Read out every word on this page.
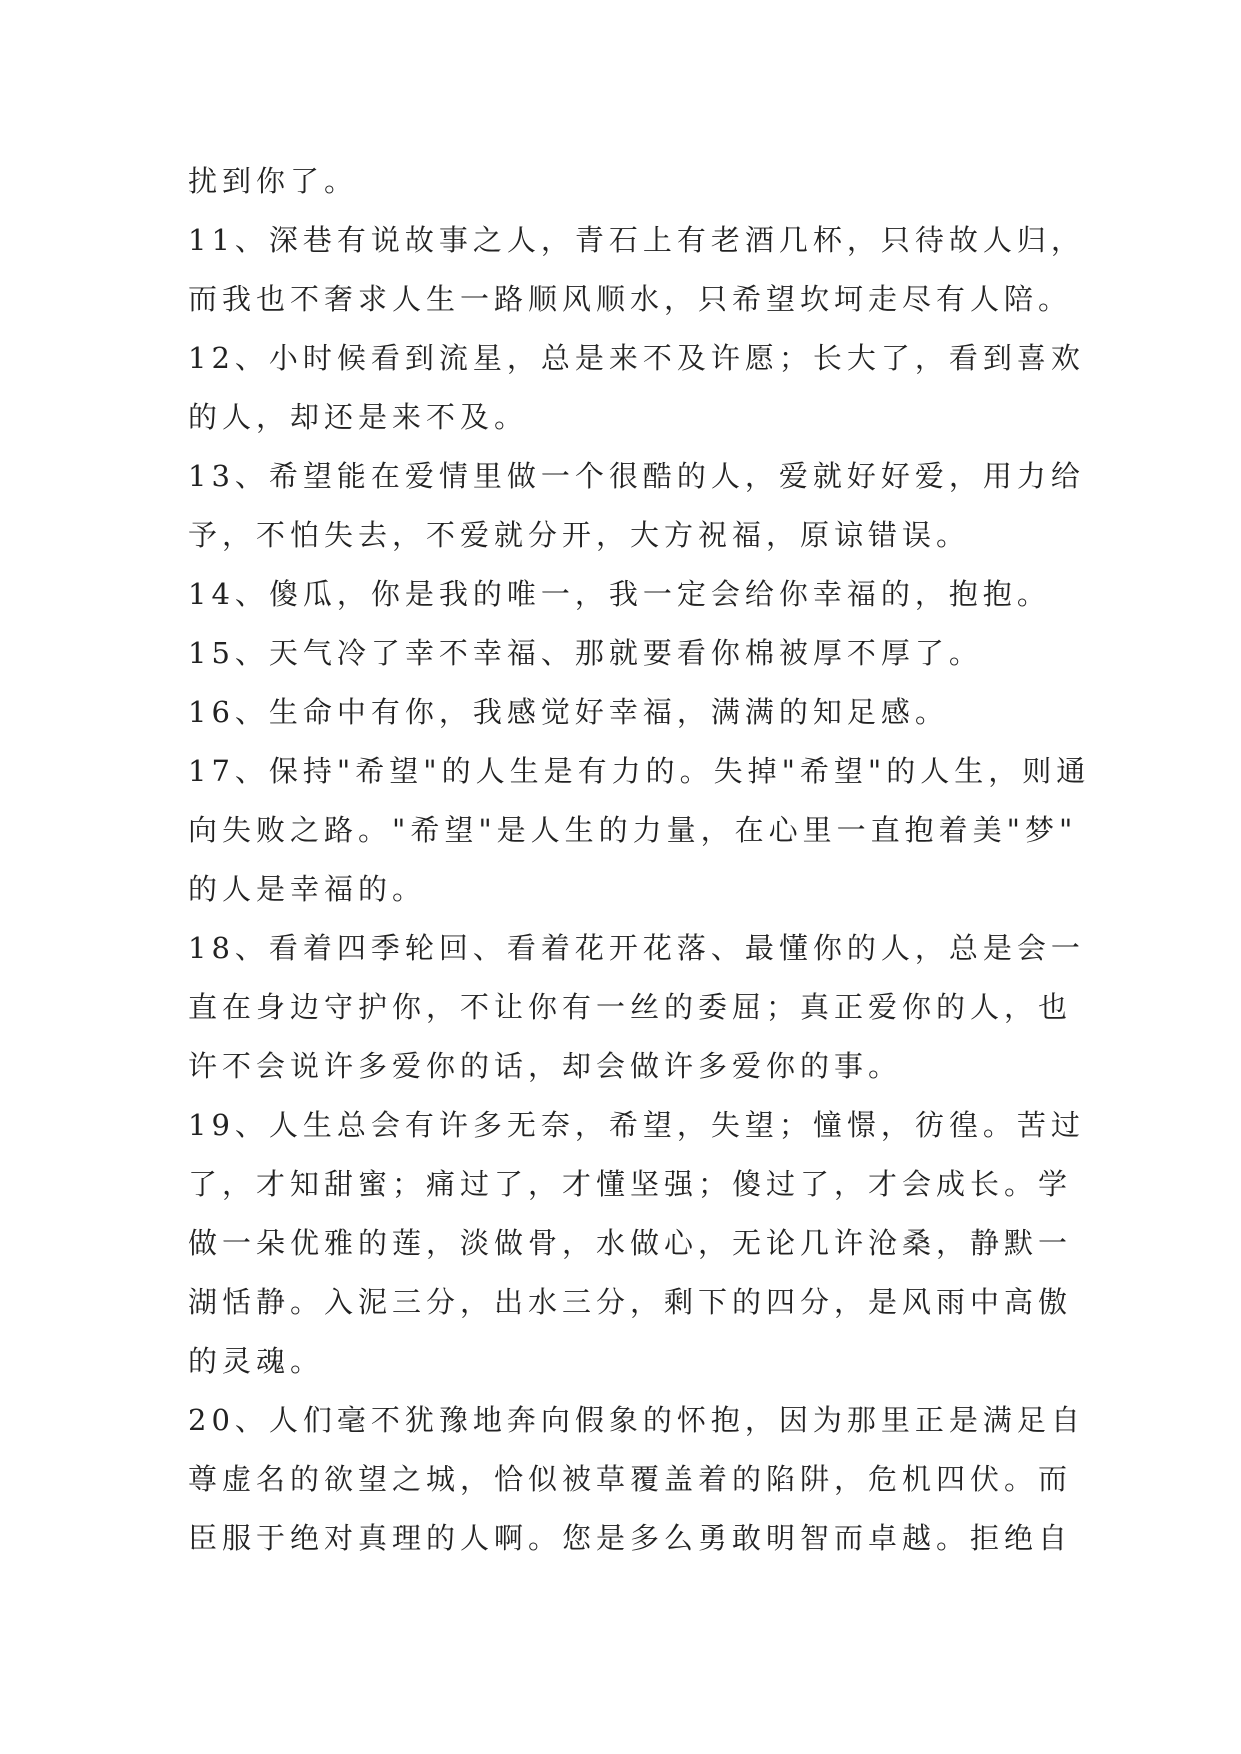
扰到你了。
11、深巷有说故事之人，青石上有老酒几杯，只待故人归，
而我也不奢求人生一路顺风顺水，只希望坎坷走尽有人陪。
12、小时候看到流星，总是来不及许愿；长大了，看到喜欢
的人，却还是来不及。
13、希望能在爱情里做一个很酷的人，爱就好好爱，用力给
予，不怕失去，不爱就分开，大方祝福，原谅错误。
14、傻瓜，你是我的唯一，我一定会给你幸福的，抱抱。
15、天气冷了幸不幸福、那就要看你棉被厚不厚了。
16、生命中有你，我感觉好幸福，满满的知足感。
17、保持"希望"的人生是有力的。失掉"希望"的人生，则通
向失败之路。"希望"是人生的力量，在心里一直抱着美"梦"
的人是幸福的。
18、看着四季轮回、看着花开花落、最懂你的人，总是会一
直在身边守护你，不让你有一丝的委屈；真正爱你的人，也
许不会说许多爱你的话，却会做许多爱你的事。
19、人生总会有许多无奈，希望，失望；憧憬，彷徨。苦过
了，才知甜蜜；痛过了，才懂坚强；傻过了，才会成长。学
做一朵优雅的莲，淡做骨，水做心，无论几许沧桑，静默一
湖恬静。入泥三分，出水三分，剩下的四分，是风雨中高傲
的灵魂。
20、人们毫不犹豫地奔向假象的怀抱，因为那里正是满足自
尊虚名的欲望之城，恰似被草覆盖着的陷阱，危机四伏。而
臣服于绝对真理的人啊。您是多么勇敢明智而卓越。拒绝自
